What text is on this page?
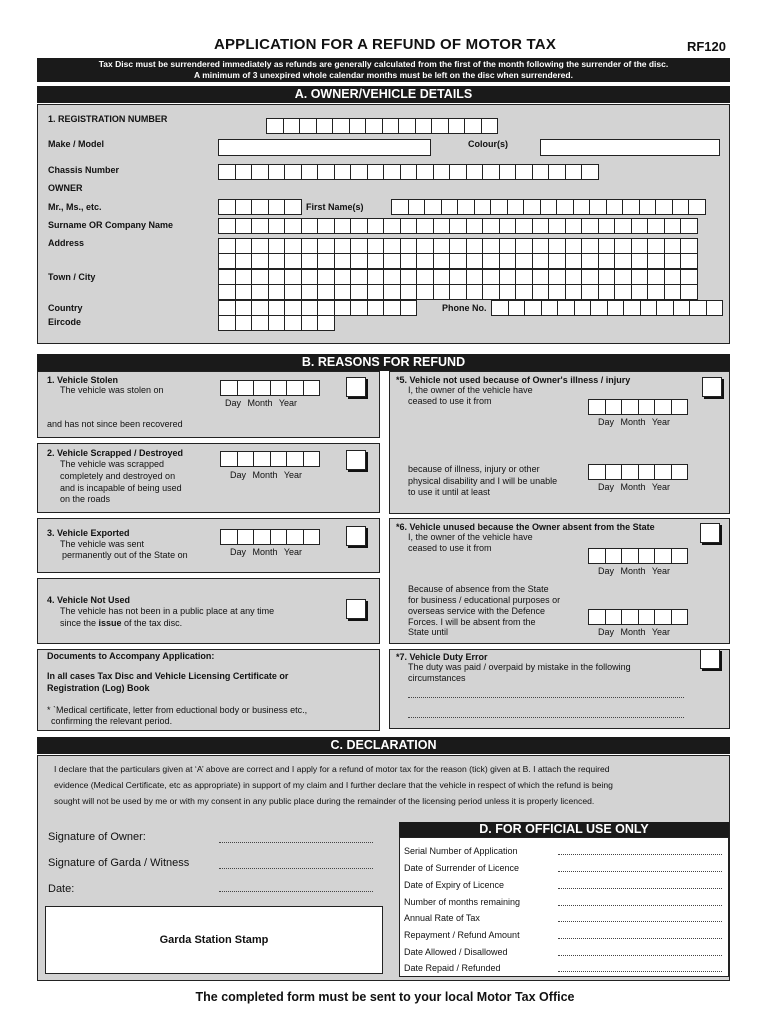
APPLICATION FOR A REFUND OF MOTOR TAX	RF120
Tax Disc must be surrendered immediately as refunds are generally calculated from the first of the month following the surrender of the disc.
A minimum of 3 unexpired whole calendar months must be left on the disc when surrendered.
A. OWNER/VEHICLE DETAILS
1. REGISTRATION NUMBER
Make / Model	Colour(s)
Chassis Number
OWNER
Mr., Ms., etc.	First Name(s)
Surname OR Company Name
Address
Town / City
Country	Phone No.
Eircode
B. REASONS FOR REFUND
1. Vehicle Stolen
The vehicle was stolen on
Day Month Year
and has not since been recovered
2. Vehicle Scrapped / Destroyed
The vehicle was scrapped
completely and destroyed on
and is incapable of being used
on the roads
Day Month Year
3. Vehicle Exported
The vehicle was sent
permanently out of the State on	Day Month Year
4. Vehicle Not Used
The vehicle has not been in a public place at any time
since the issue of the tax disc.
Documents to Accompany Application:
In all cases Tax Disc and Vehicle Licensing Certificate or
Registration (Log) Book
* `Medical certificate, letter from eductional body or business etc.,
confirming the relevant period.
*5. Vehicle not used because of Owner's illness / injury
I, the owner of the vehicle have
ceased to use it from
Day Month Year
because of illness, injury or other
physical disability and I will be unable
to use it until at least	Day Month Year
*6. Vehicle unused because the Owner absent from the State
I, the owner of the vehicle have
ceased to use it from
Day Month Year
Because of absence from the State
for business / educational purposes or
overseas service with the Defence
Forces. I will be absent from the
State until	Day Month Year
*7. Vehicle Duty Error
The duty was paid / overpaid by mistake in the following
circumstances
C. DECLARATION
I declare that the particulars given at ‘A’ above are correct and I apply for a refund of motor tax for the reason (tick) given at B. I attach the required
evidence (Medical Certificate, etc as appropriate) in support of my claim and I further declare that the vehicle in respect of which the refund is being
sought will not be used by me or with my consent in any public place during the remainder of the licensing period unless it is properly licenced.
Signature of Owner:
Signature of Garda / Witness
Date:
Garda Station Stamp
D. FOR OFFICIAL USE ONLY
Serial Number of Application
Date of Surrender of Licence
Date of Expiry of Licence
Number of months remaining
Annual Rate of Tax
Repayment / Refund Amount
Date Allowed / Disallowed
Date Repaid / Refunded
The completed form must be sent to your local Motor Tax Office
